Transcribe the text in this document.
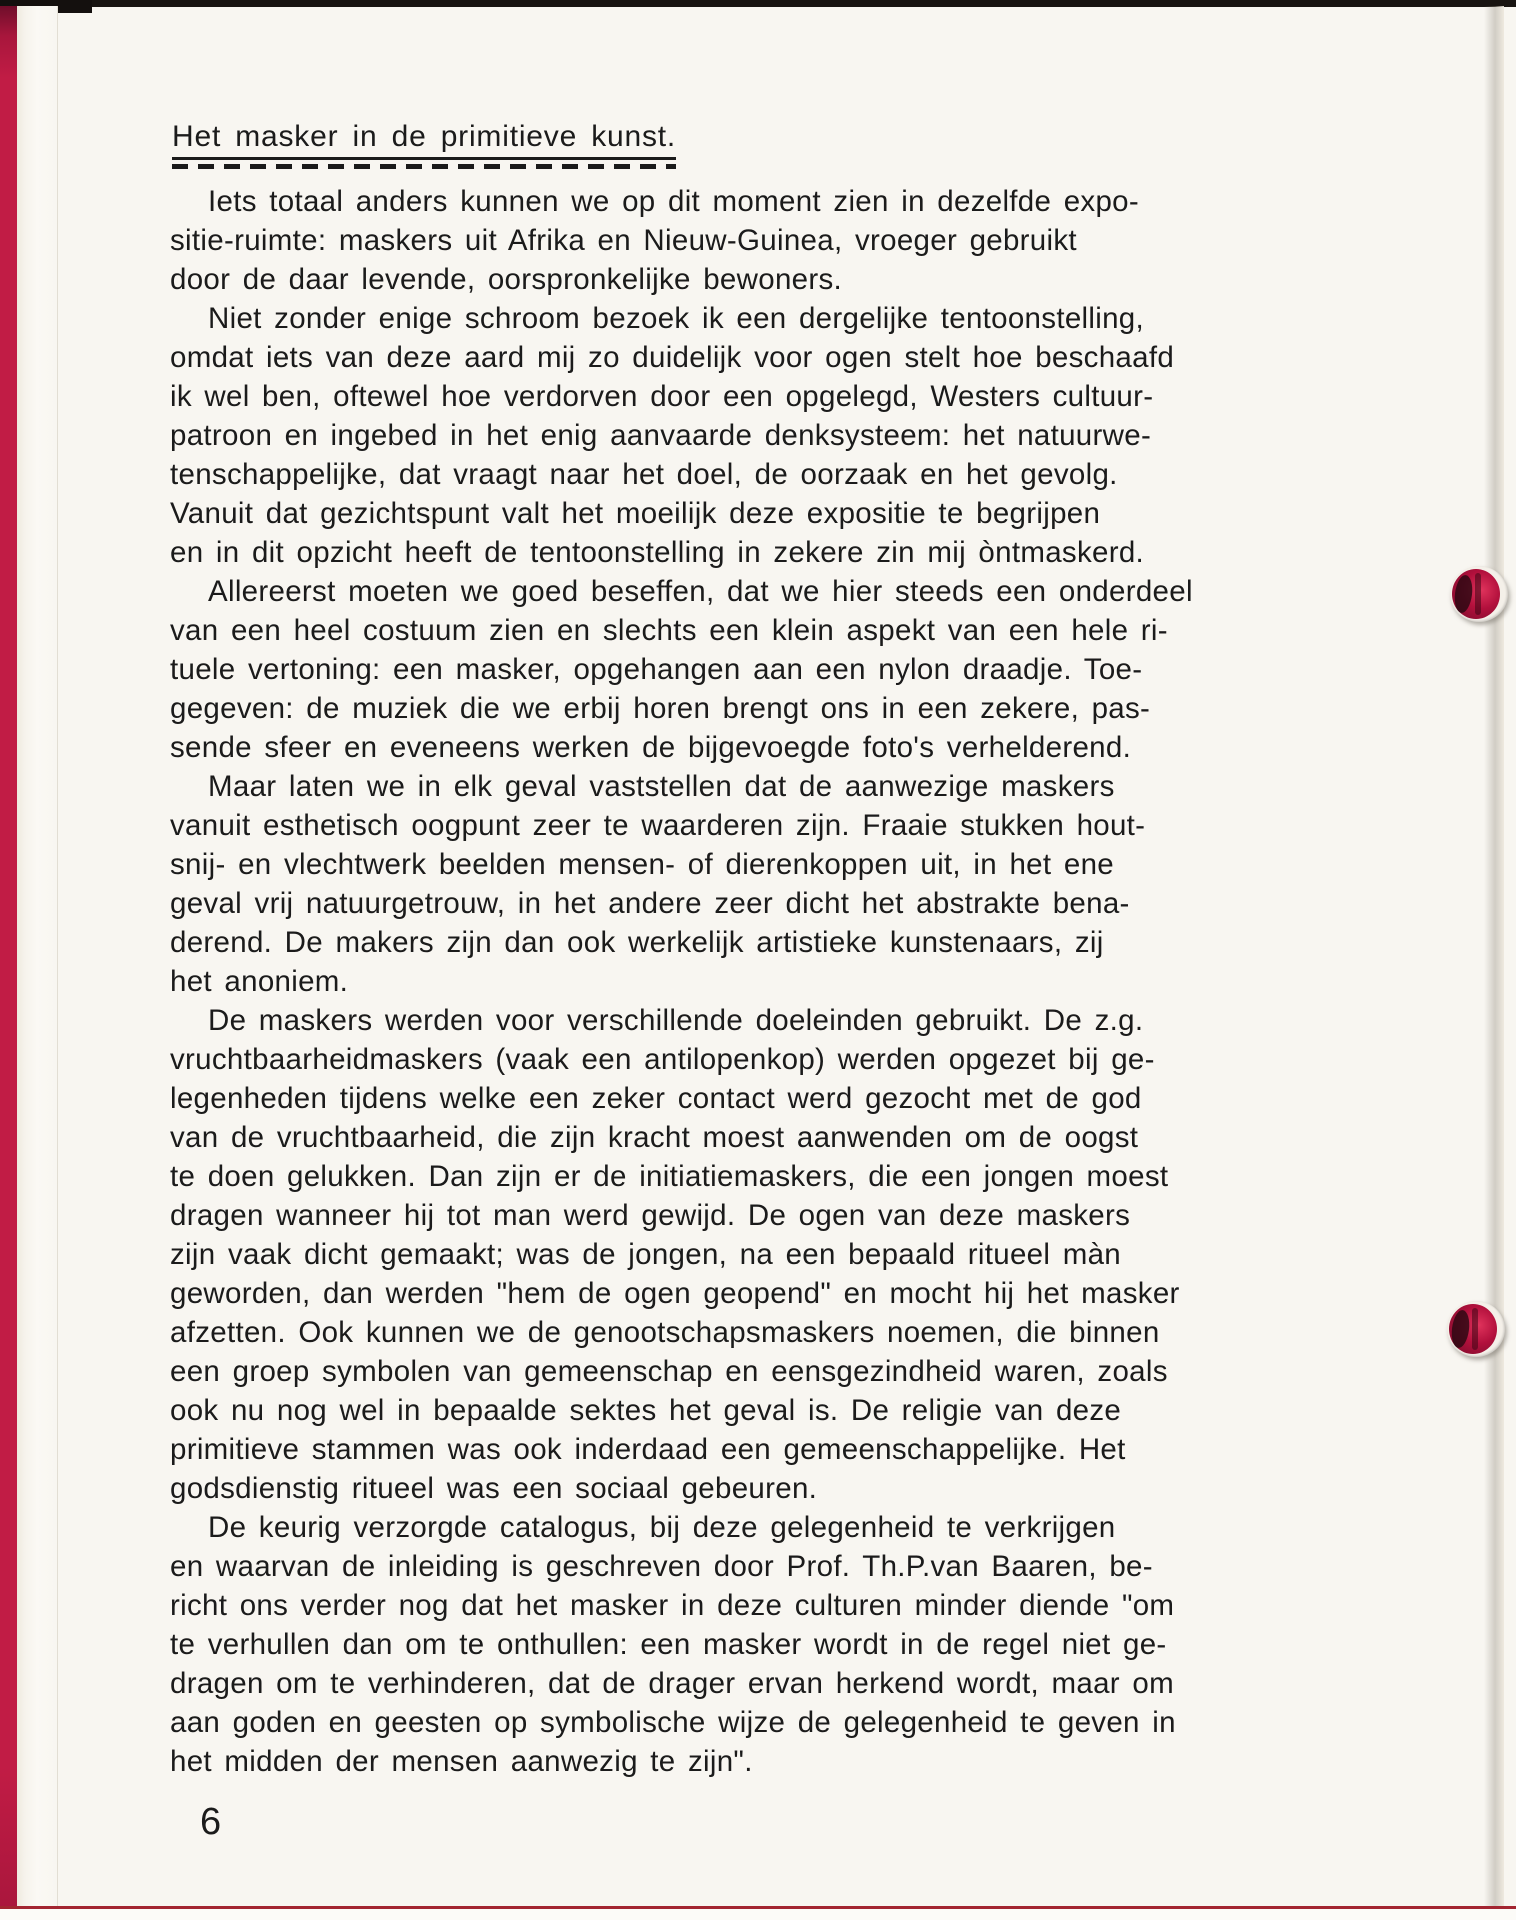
Het masker in de primitieve kunst.
Iets totaal anders kunnen we op dit moment zien in dezelfde expo-
sitie-ruimte: maskers uit Afrika en Nieuw-Guinea, vroeger gebruikt
door de daar levende, oorspronkelijke bewoners.
Niet zonder enige schroom bezoek ik een dergelijke tentoonstelling,
omdat iets van deze aard mij zo duidelijk voor ogen stelt hoe beschaafd
ik wel ben, oftewel hoe verdorven door een opgelegd, Westers cultuur-
patroon en ingebed in het enig aanvaarde denksysteem: het natuurwe-
tenschappelijke, dat vraagt naar het doel, de oorzaak en het gevolg.
Vanuit dat gezichtspunt valt het moeilijk deze expositie te begrijpen
en in dit opzicht heeft de tentoonstelling in zekere zin mij òntmaskerd.
Allereerst moeten we goed beseffen, dat we hier steeds een onderdeel
van een heel costuum zien en slechts een klein aspekt van een hele ri-
tuele vertoning: een masker, opgehangen aan een nylon draadje. Toe-
gegeven: de muziek die we erbij horen brengt ons in een zekere, pas-
sende sfeer en eveneens werken de bijgevoegde foto's verhelderend.
Maar laten we in elk geval vaststellen dat de aanwezige maskers
vanuit esthetisch oogpunt zeer te waarderen zijn. Fraaie stukken hout-
snij- en vlechtwerk beelden mensen- of dierenkoppen uit, in het ene
geval vrij natuurgetrouw, in het andere zeer dicht het abstrakte bena-
derend. De makers zijn dan ook werkelijk artistieke kunstenaars, zij
het anoniem.
De maskers werden voor verschillende doeleinden gebruikt. De z.g.
vruchtbaarheidmaskers (vaak een antilopenkop) werden opgezet bij ge-
legenheden tijdens welke een zeker contact werd gezocht met de god
van de vruchtbaarheid, die zijn kracht moest aanwenden om de oogst
te doen gelukken. Dan zijn er de initiatiemaskers, die een jongen moest
dragen wanneer hij tot man werd gewijd. De ogen van deze maskers
zijn vaak dicht gemaakt; was de jongen, na een bepaald ritueel màn
geworden, dan werden "hem de ogen geopend" en mocht hij het masker
afzetten. Ook kunnen we de genootschapsmaskers noemen, die binnen
een groep symbolen van gemeenschap en eensgezindheid waren, zoals
ook nu nog wel in bepaalde sektes het geval is. De religie van deze
primitieve stammen was ook inderdaad een gemeenschappelijke. Het
godsdienstig ritueel was een sociaal gebeuren.
De keurig verzorgde catalogus, bij deze gelegenheid te verkrijgen
en waarvan de inleiding is geschreven door Prof. Th.P.van Baaren, be-
richt ons verder nog dat het masker in deze culturen minder diende "om
te verhullen dan om te onthullen: een masker wordt in de regel niet ge-
dragen om te verhinderen, dat de drager ervan herkend wordt, maar om
aan goden en geesten op symbolische wijze de gelegenheid te geven in
het midden der mensen aanwezig te zijn".
6
